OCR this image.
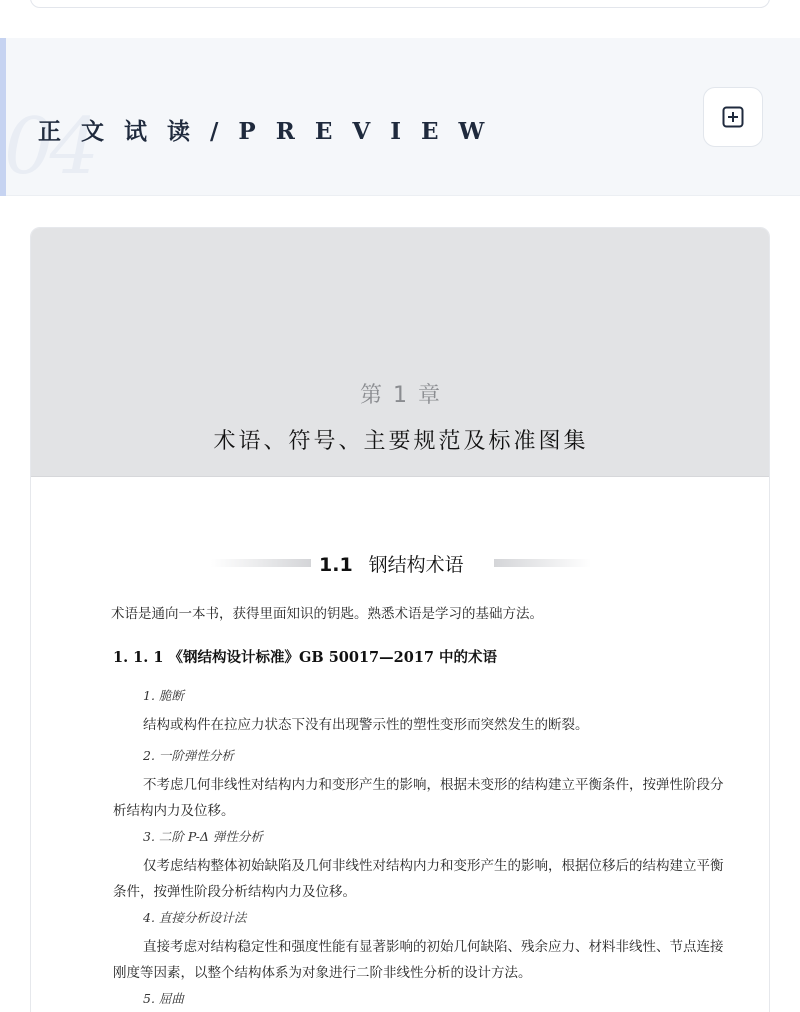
04
正 文 试 读 / P R E V I E W
第 1 章
术语、符号、主要规范及标准图集
1.1 钢结构术语
术语是通向一本书，获得里面知识的钥匙。熟悉术语是学习的基础方法。
1. 1. 1 《钢结构设计标准》GB 50017—2017 中的术语
1. 脆断
结构或构件在拉应力状态下没有出现警示性的塑性变形而突然发生的断裂。
2. 一阶弹性分析
不考虑几何非线性对结构内力和变形产生的影响，根据未变形的结构建立平衡条件，按弹性阶段分析结构内力及位移。
3. 二阶 P-Δ 弹性分析
仅考虑结构整体初始缺陷及几何非线性对结构内力和变形产生的影响，根据位移后的结构建立平衡条件，按弹性阶段分析结构内力及位移。
4. 直接分析设计法
直接考虑对结构稳定性和强度性能有显著影响的初始几何缺陷、残余应力、材料非线性、节点连接刚度等因素，以整个结构体系为对象进行二阶非线性分析的设计方法。
5. 屈曲
